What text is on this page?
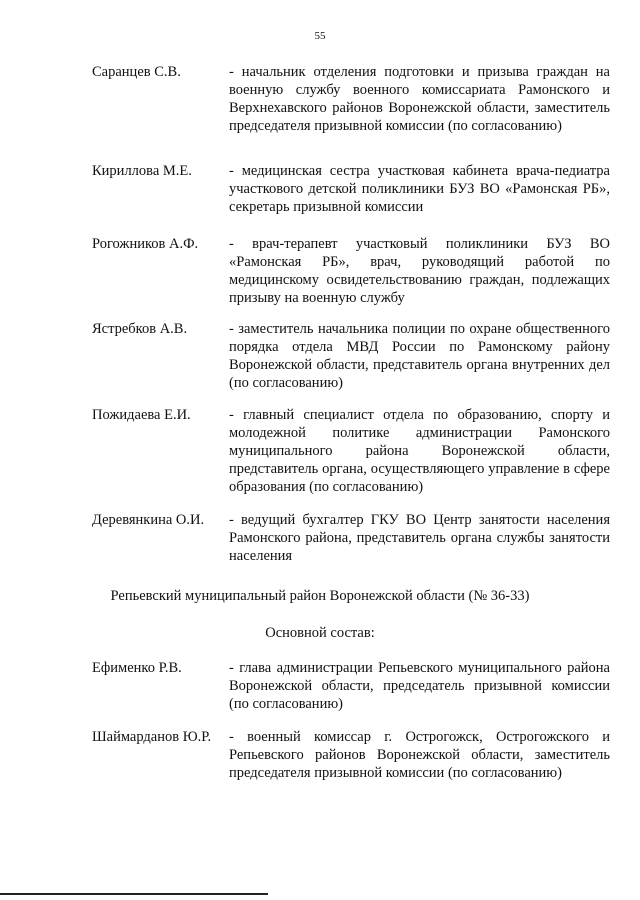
55
Саранцев С.В.	- начальник отделения подготовки и призыва граждан на военную службу военного комиссариата Рамонского и Верхнехавского районов Воронежской области, заместитель председателя призывной комиссии (по согласованию)
Кириллова М.Е.	- медицинская сестра участковая кабинета врача-педиатра участкового детской поликлиники БУЗ ВО «Рамонская РБ», секретарь призывной комиссии
Рогожников А.Ф. - врач-терапевт участковый поликлиники БУЗ ВО «Рамонская РБ», врач, руководящий работой по медицинскому освидетельствованию граждан, подлежащих призыву на военную службу
Ястребков А.В.	- заместитель начальника полиции по охране общественного порядка отдела МВД России по Рамонскому району Воронежской области, представитель органа внутренних дел (по согласованию)
Пожидаева Е.И.	- главный специалист отдела по образованию, спорту и молодежной политике администрации Рамонского муниципального района Воронежской области, представитель органа, осуществляющего управление в сфере образования (по согласованию)
Деревянкина О.И. - ведущий бухгалтер ГКУ ВО Центр занятости населения Рамонского района, представитель органа службы занятости населения
Репьевский муниципальный район Воронежской области (№ 36-33)
Основной состав:
Ефименко Р.В.	- глава администрации Репьевского муниципального района Воронежской области, председатель призывной комиссии (по согласованию)
Шаймарданов Ю.Р. - военный комиссар г. Острогожск, Острогожского и Репьевского районов Воронежской области, заместитель председателя призывной комиссии (по согласованию)
